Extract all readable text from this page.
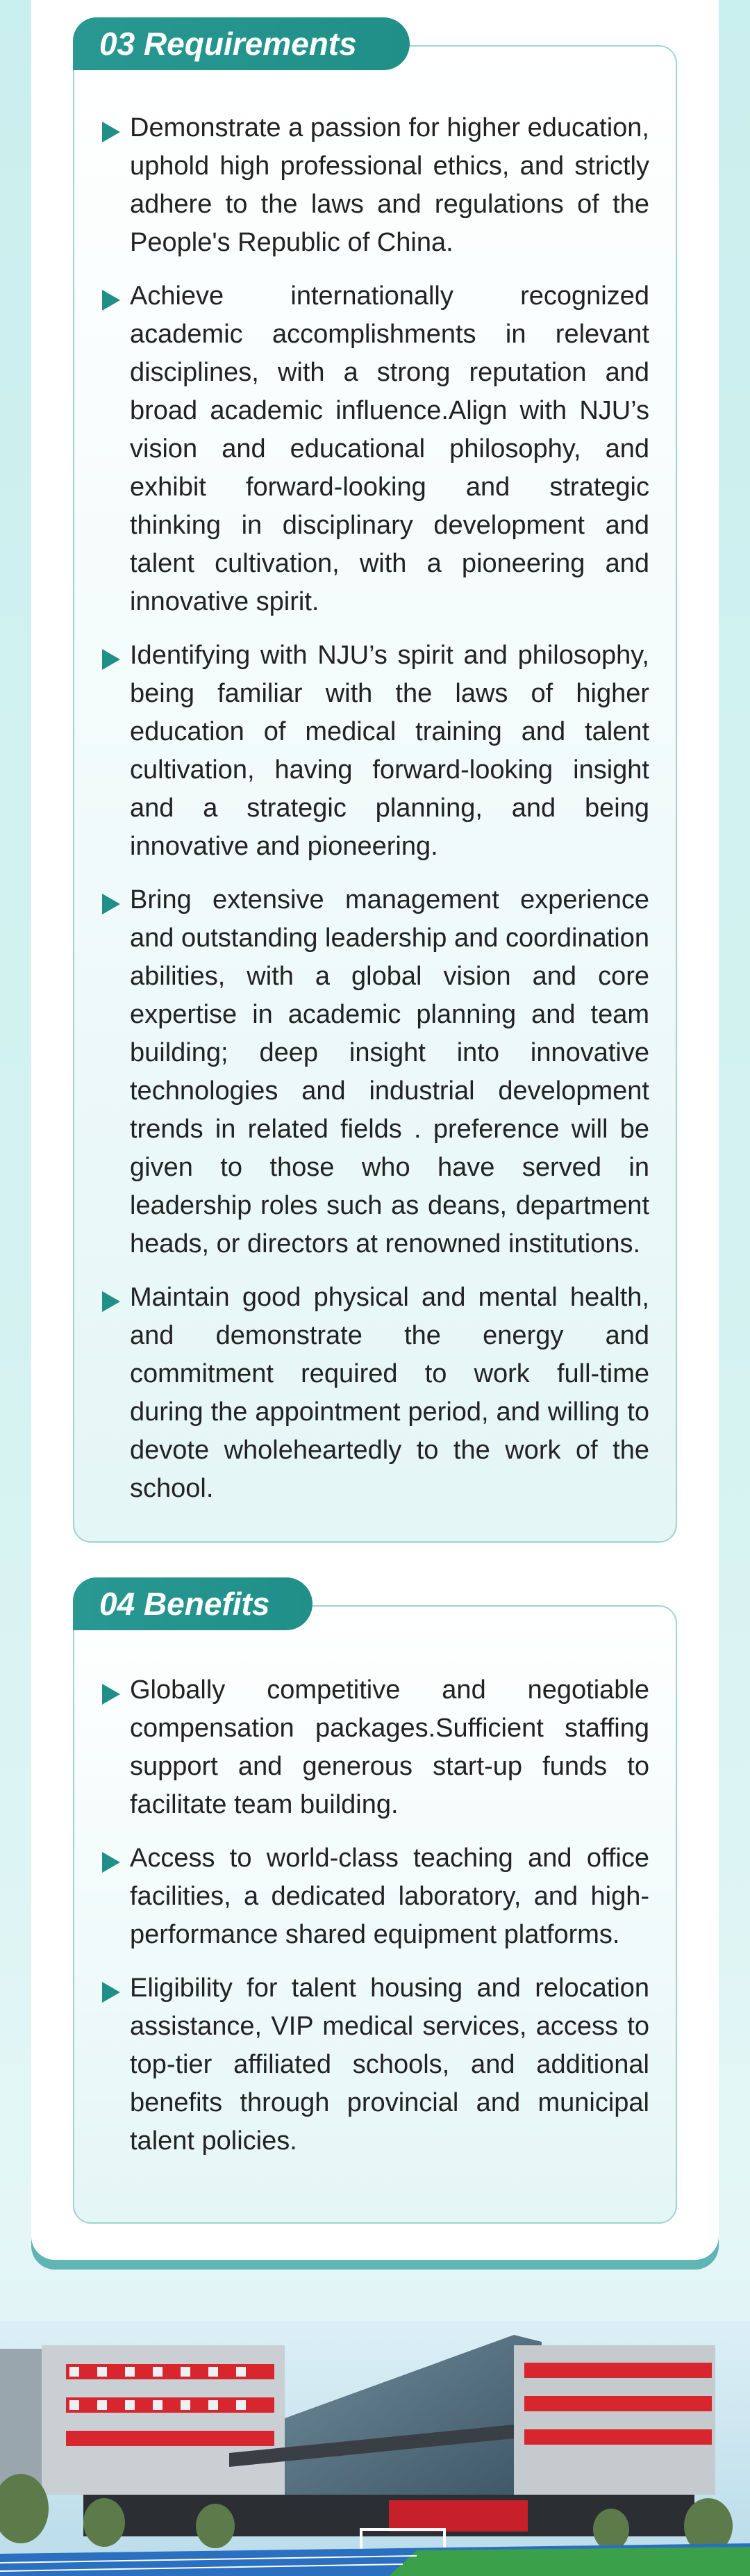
03 Requirements
Demonstrate a passion for higher education, uphold high professional ethics, and strictly adhere to the laws and regulations of the People's Republic of China.
Achieve internationally recognized academic accomplishments in relevant disciplines, with a strong reputation and broad academic influence.Align with NJU’s vision and educational philosophy, and exhibit forward-looking and strategic thinking in disciplinary development and talent cultivation, with a pioneering and innovative spirit.
Identifying with NJU’s spirit and philosophy, being familiar with the laws of higher education of medical training and talent cultivation, having forward-looking insight and a strategic planning, and being innovative and pioneering.
Bring extensive management experience and outstanding leadership and coordination abilities, with a global vision and core expertise in academic planning and team building; deep insight into innovative technologies and industrial development trends in related fields . preference will be given to those who have served in leadership roles such as deans, department heads, or directors at renowned institutions.
Maintain good physical and mental health, and demonstrate the energy and commitment required to work full-time during the appointment period, and willing to devote wholeheartedly to the work of the school.
04 Benefits
Globally competitive and negotiable compensation packages.Sufficient staffing support and generous start-up funds to facilitate team building.
Access to world-class teaching and office facilities, a dedicated laboratory, and high-performance shared equipment platforms.
Eligibility for talent housing and relocation assistance, VIP medical services, access to top-tier affiliated schools, and additional benefits through provincial and municipal talent policies.
